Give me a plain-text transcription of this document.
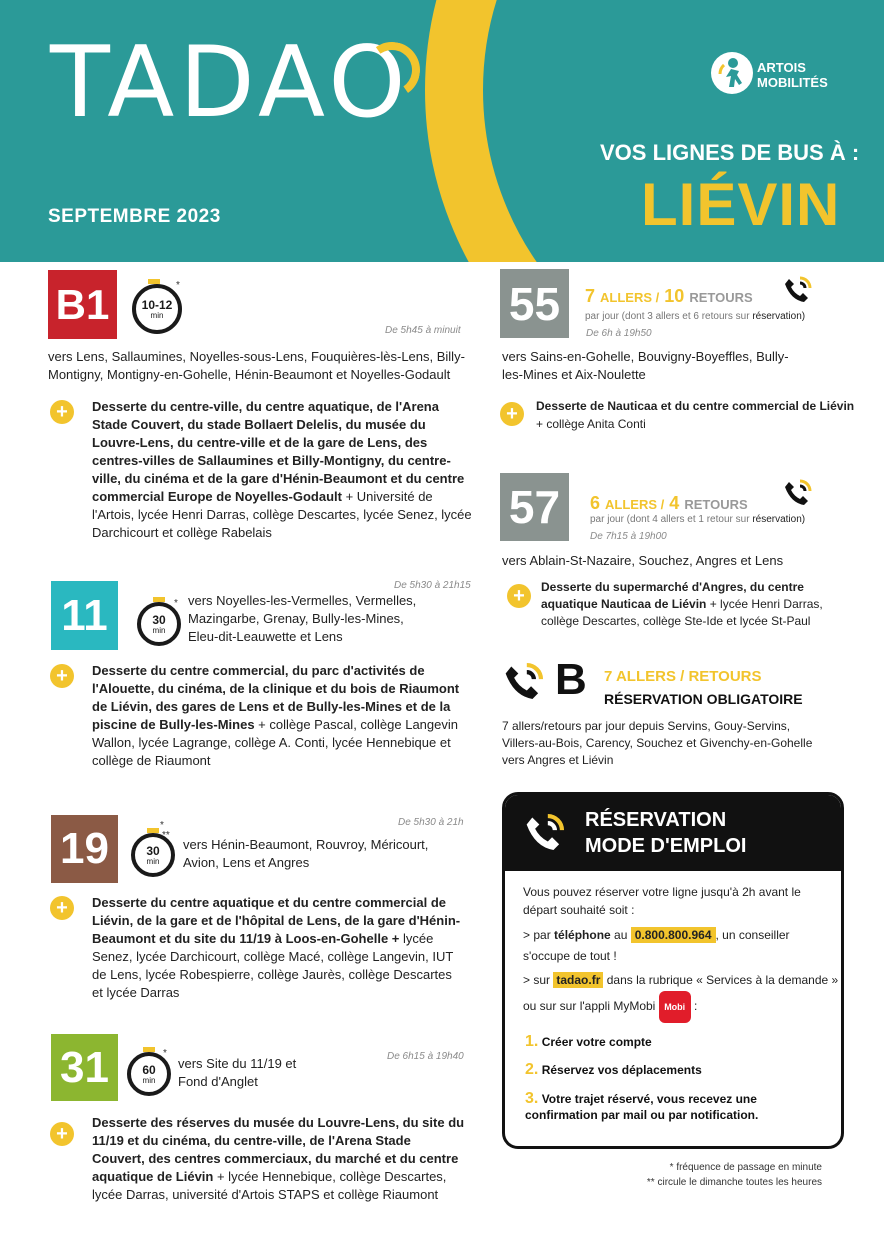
TADAO
SEPTEMBRE 2023
ARTOIS
MOBILITÉS
VOS LIGNES DE BUS À :
LIÉVIN
B1	10-12
min
*
De 5h45 à minuit
vers Lens, Sallaumines, Noyelles-sous-Lens, Fouquières-lès-Lens, Billy-Montigny, Montigny-en-Gohelle, Hénin-Beaumont et Noyelles-Godault
+	Desserte du centre-ville, du centre aquatique, de l'Arena Stade Couvert, du stade Bollaert Delelis, du musée du Louvre-Lens, du centre-ville et de la gare de Lens, des centres-villes de Sallaumines et Billy-Montigny, du centre-ville, du cinéma et de la gare d'Hénin-Beaumont et du centre commercial Europe de Noyelles-Godault + Université de l'Artois, lycée Henri Darras, collège Descartes, lycée Senez, lycée Darchicourt et collège Rabelais
De 5h30 à 21h15
11	30
min
* vers Noyelles-les-Vermelles, Vermelles, Mazingarbe, Grenay, Bully-les-Mines, Eleu-dit-Leauwette et Lens
+	Desserte du centre commercial, du parc d'activités de l'Alouette, du cinéma, de la clinique et du bois de Riaumont de Liévin, des gares de Lens et de Bully-les-Mines et de la piscine de Bully-les-Mines + collège Pascal, collège Langevin Wallon, lycée Lagrange, collège A. Conti, lycée Hennebique et collège de Riaumont
De 5h30 à 21h
19	30
min
*
**
vers Hénin-Beaumont, Rouvroy, Méricourt, Avion, Lens et Angres
+	Desserte du centre aquatique et du centre commercial de Liévin, de la gare et de l'hôpital de Lens, de la gare d'Hénin-Beaumont et du site du 11/19 à Loos-en-Gohelle + lycée Senez, lycée Darchicourt, collège Macé, collège Langevin, IUT de Lens, lycée Robespierre, collège Jaurès, collège Descartes et lycée Darras
De 6h15 à 19h40
31	60
min
*
vers Site du 11/19 et Fond d'Anglet
+
Desserte des réserves du musée du Louvre-Lens, du site du 11/19 et du cinéma, du centre-ville, de l'Arena Stade Couvert, des centres commerciaux, du marché et du centre aquatique de Liévin + lycée Hennebique, collège Descartes, lycée Darras, université d'Artois STAPS et collège Riaumont
55	7 ALLERS / 10 RETOURS
par jour (dont 3 allers et 6 retours sur réservation)
De 6h à 19h50
vers Sains-en-Gohelle, Bouvigny-Boyeffles, Bully-les-Mines et Aix-Noulette
+	Desserte de Nauticaa et du centre commercial de Liévin
+ collège Anita Conti
57	6 ALLERS / 4 RETOURS
par jour (dont 4 allers et 1 retour sur réservation)
De 7h15 à 19h00
vers Ablain-St-Nazaire, Souchez, Angres et Lens
+	Desserte du supermarché d'Angres, du centre aquatique Nauticaa de Liévin + lycée Henri Darras, collège Descartes, collège Ste-Ide et lycée St-Paul
B 7 ALLERS / RETOURS
RÉSERVATION OBLIGATOIRE
7 allers/retours par jour depuis Servins, Gouy-Servins, Villers-au-Bois, Carency, Souchez et Givenchy-en-Gohelle vers Angres et Liévin
RÉSERVATION
MODE D'EMPLOI
Vous pouvez réserver votre ligne jusqu'à 2h avant le départ souhaité soit :
> par téléphone au 0.800.800.964 , un conseiller s'occupe de tout !
> sur tadao.fr dans la rubrique « Services à la demande »
ou sur sur l'appli MyMobi Mobi :
1. Créer votre compte
2. Réservez vos déplacements
3. Votre trajet réservé, vous recevez une confirmation par mail ou par notification.
* fréquence de passage en minute
** circule le dimanche toutes les heures
